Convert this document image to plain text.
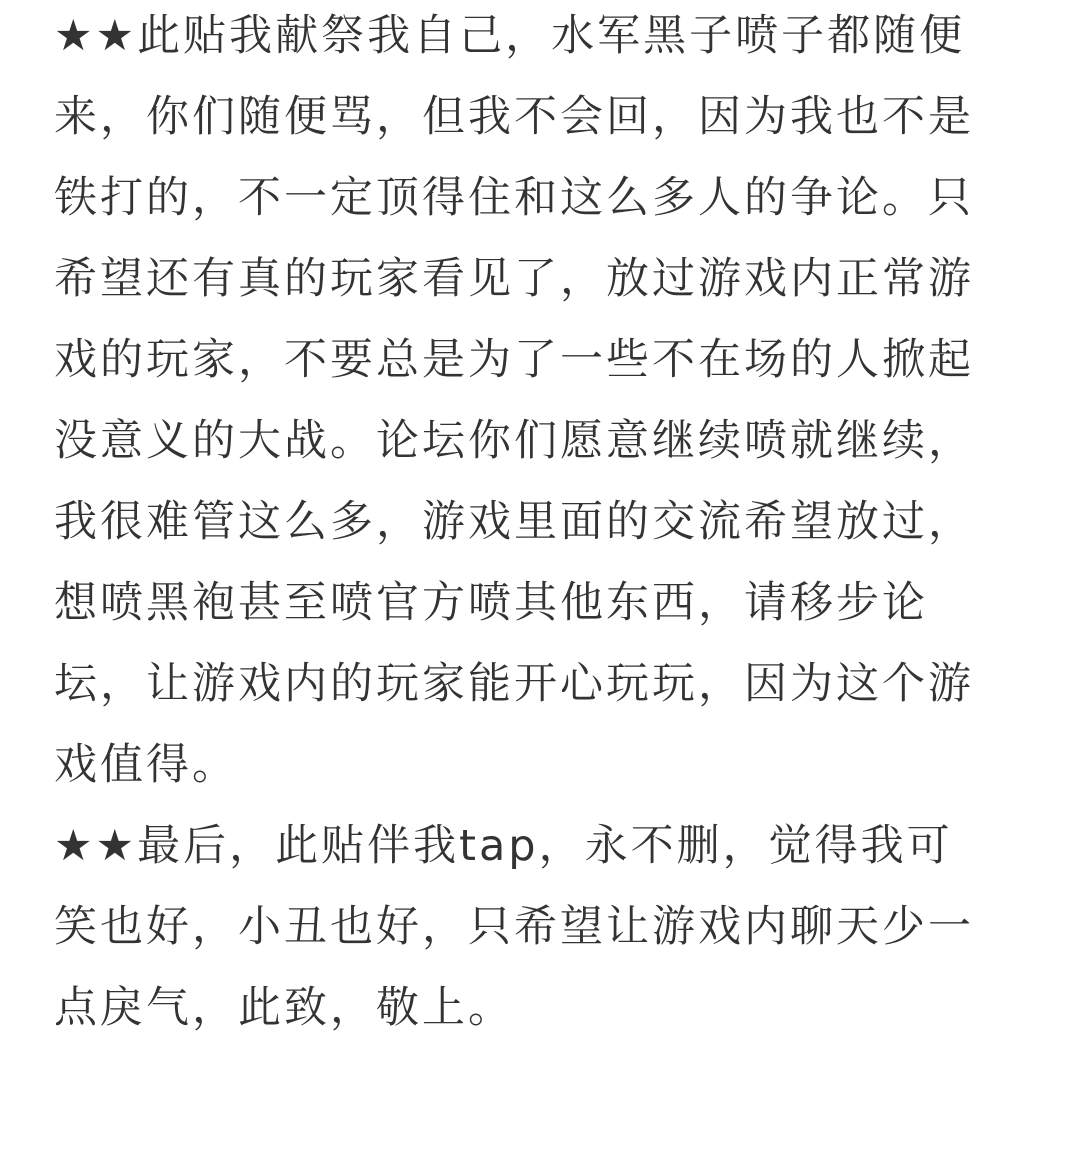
★★此贴我献祭我自己，水军黑子喷子都随便
来，你们随便骂，但我不会回，因为我也不是
铁打的，不一定顶得住和这么多人的争论。只
希望还有真的玩家看见了，放过游戏内正常游
戏的玩家，不要总是为了一些不在场的人掀起
没意义的大战。论坛你们愿意继续喷就继续，
我很难管这么多，游戏里面的交流希望放过，
想喷黑袍甚至喷官方喷其他东西，请移步论
坛，让游戏内的玩家能开心玩玩，因为这个游
戏值得。
★★最后，此贴伴我tap，永不删，觉得我可
笑也好，小丑也好，只希望让游戏内聊天少一
点戾气，此致，敬上。
